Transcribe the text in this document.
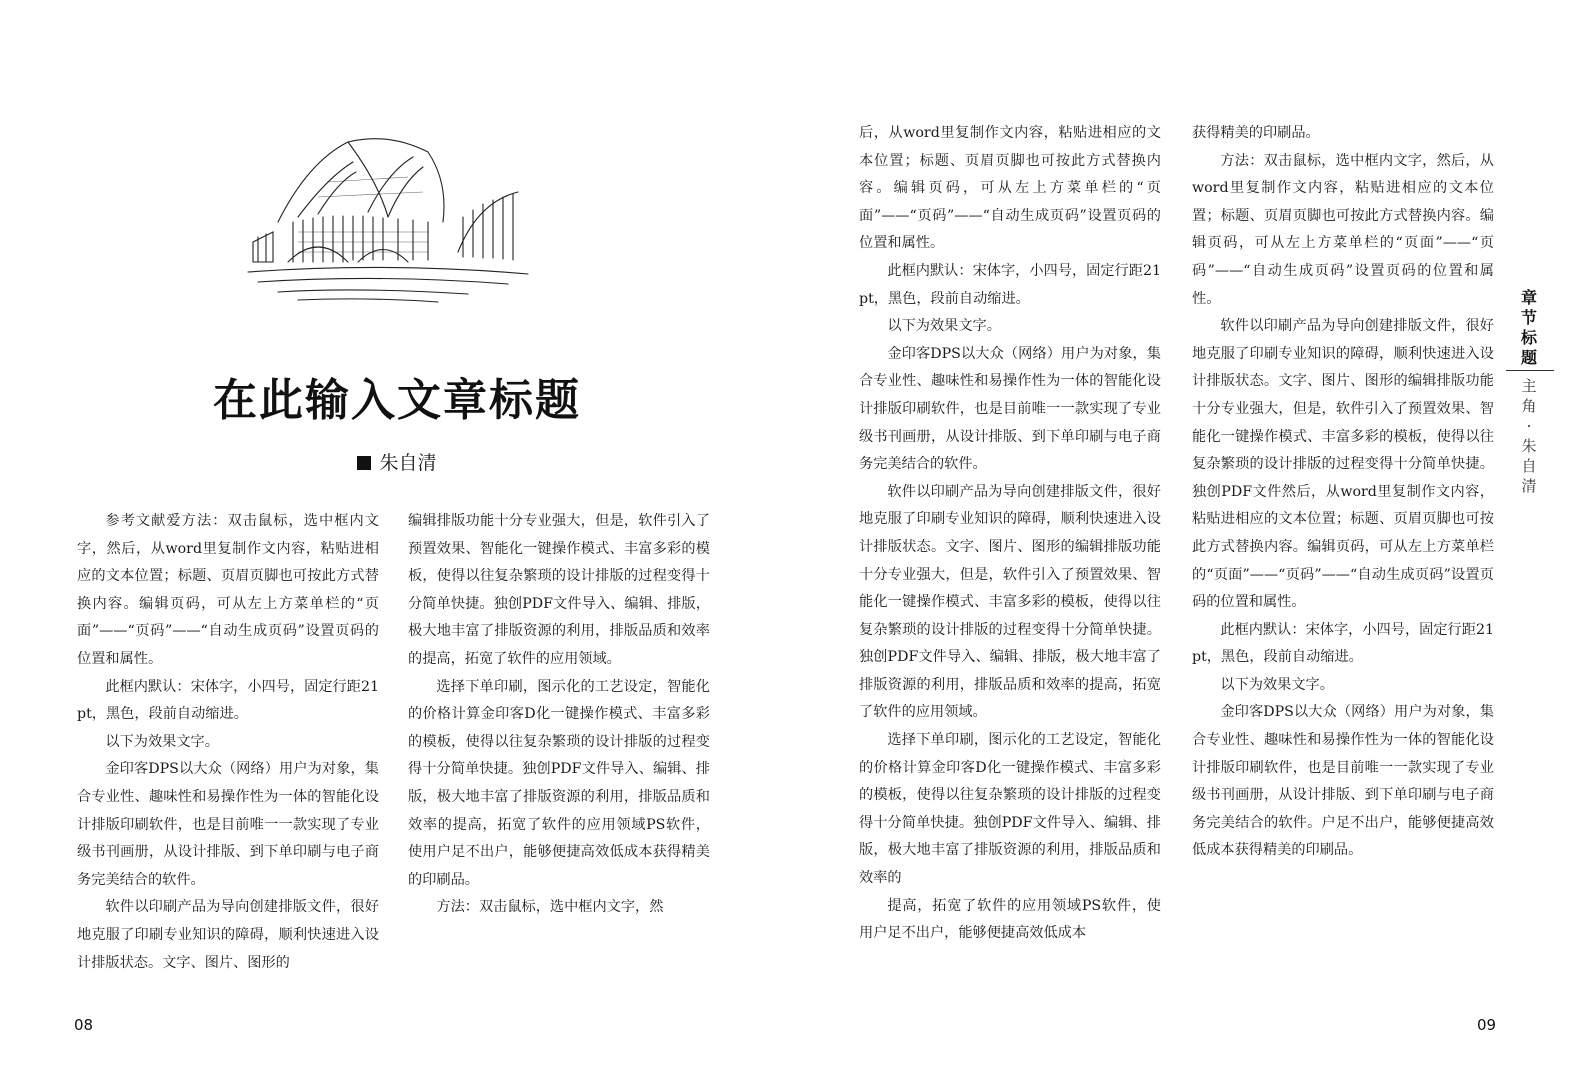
在此输入文章标题
朱自清

参考文献爱方法：双击鼠标，选中框内文字，然后，从word里复制作文内容，粘贴进相应的文本位置；标题、页眉页脚也可按此方式替换内容。编辑页码，可从左上方菜单栏的“页面”——“页码”——“自动生成页码”设置页码的位置和属性。

此框内默认：宋体字，小四号，固定行距21pt，黑色，段前自动缩进。

以下为效果文字。

金印客DPS以大众（网络）用户为对象，集合专业性、趣味性和易操作性为一体的智能化设计排版印刷软件，也是目前唯一一款实现了专业级书刊画册，从设计排版、到下单印刷与电子商务完美结合的软件。

软件以印刷产品为导向创建排版文件，很好地克服了印刷专业知识的障碍，顺利快速进入设计排版状态。文字、图片、图形的

编辑排版功能十分专业强大，但是，软件引入了预置效果、智能化一键操作模式、丰富多彩的模板，使得以往复杂繁琐的设计排版的过程变得十分简单快捷。独创PDF文件导入、编辑、排版，极大地丰富了排版资源的利用，排版品质和效率的提高，拓宽了软件的应用领域。

选择下单印刷，图示化的工艺设定，智能化的价格计算金印客D化一键操作模式、丰富多彩的模板，使得以往复杂繁琐的设计排版的过程变得十分简单快捷。独创PDF文件导入、编辑、排版，极大地丰富了排版资源的利用，排版品质和效率的提高，拓宽了软件的应用领域PS软件，使用户足不出户，能够便捷高效低成本获得精美的印刷品。

方法：双击鼠标，选中框内文字，然

08

后，从word里复制作文内容，粘贴进相应的文本位置；标题、页眉页脚也可按此方式替换内容。编辑页码，可从左上方菜单栏的“页面”——“页码”——“自动生成页码”设置页码的位置和属性。

此框内默认：宋体字，小四号，固定行距21pt，黑色，段前自动缩进。

以下为效果文字。

金印客DPS以大众（网络）用户为对象，集合专业性、趣味性和易操作性为一体的智能化设计排版印刷软件，也是目前唯一一款实现了专业级书刊画册，从设计排版、到下单印刷与电子商务完美结合的软件。

软件以印刷产品为导向创建排版文件，很好地克服了印刷专业知识的障碍，顺利快速进入设计排版状态。文字、图片、图形的编辑排版功能十分专业强大，但是，软件引入了预置效果、智能化一键操作模式、丰富多彩的模板，使得以往复杂繁琐的设计排版的过程变得十分简单快捷。独创PDF文件导入、编辑、排版，极大地丰富了排版资源的利用，排版品质和效率的提高，拓宽了软件的应用领域。

选择下单印刷，图示化的工艺设定，智能化的价格计算金印客D化一键操作模式、丰富多彩的模板，使得以往复杂繁琐的设计排版的过程变得十分简单快捷。独创PDF文件导入、编辑、排版，极大地丰富了排版资源的利用，排版品质和效率的

提高，拓宽了软件的应用领域PS软件，使用户足不出户，能够便捷高效低成本

获得精美的印刷品。

方法：双击鼠标，选中框内文字，然后，从word里复制作文内容，粘贴进相应的文本位置；标题、页眉页脚也可按此方式替换内容。编辑页码，可从左上方菜单栏的“页面”——“页码”——“自动生成页码”设置页码的位置和属性。

软件以印刷产品为导向创建排版文件，很好地克服了印刷专业知识的障碍，顺利快速进入设计排版状态。文字、图片、图形的编辑排版功能十分专业强大，但是，软件引入了预置效果、智能化一键操作模式、丰富多彩的模板，使得以往复杂繁琐的设计排版的过程变得十分简单快捷。独创PDF文件然后，从word里复制作文内容，粘贴进相应的文本位置；标题、页眉页脚也可按此方式替换内容。编辑页码，可从左上方菜单栏的“页面”——“页码”——“自动生成页码”设置页码的位置和属性。

此框内默认：宋体字，小四号，固定行距21pt，黑色，段前自动缩进。

以下为效果文字。

金印客DPS以大众（网络）用户为对象，集合专业性、趣味性和易操作性为一体的智能化设计排版印刷软件，也是目前唯一一款实现了专业级书刊画册，从设计排版、到下单印刷与电子商务完美结合的软件。户足不出户，能够便捷高效低成本获得精美的印刷品。

章
节
标
题
主
角
·
朱
自
清
09
